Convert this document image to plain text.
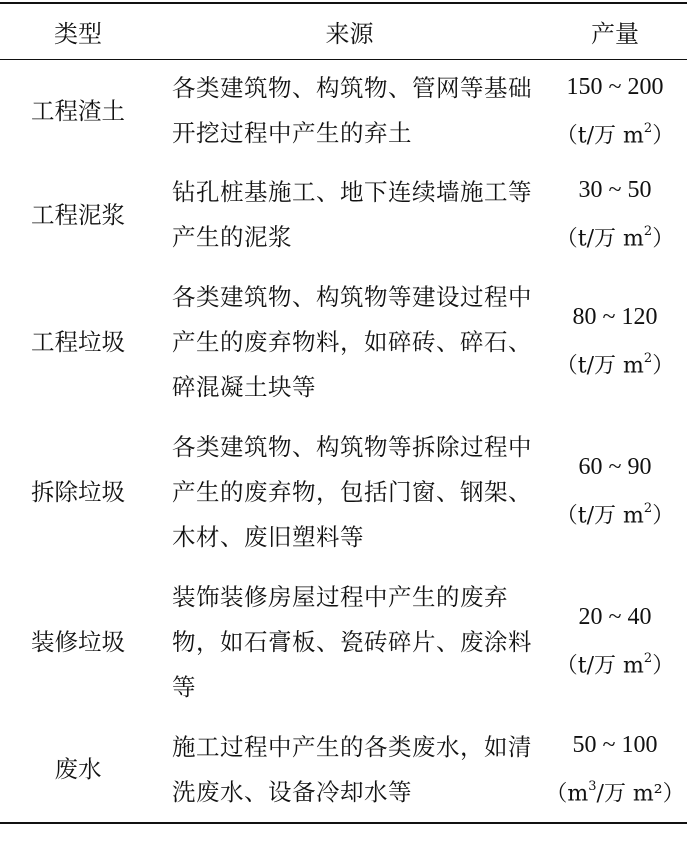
类型	来源	产量
工程渣土	各类建筑物、构筑物、管网等基础开挖过程中产生的弃土	150 ~ 200
（t/万 $m^2$）

工程泥浆	钻孔桩基施工、地下连续墙施工等产生的泥浆	30 ~ 50
（t/万 $m^2$）

工程垃圾	各类建筑物、构筑物等建设过程中产生的废弃物料，如碎砖、碎石、碎混凝土块等	80 ~ 120
（t/万 $m^2$）

拆除垃圾	各类建筑物、构筑物等拆除过程中产生的废弃物，包括门窗、钢架、木材、废旧塑料等	60 ~ 90
（t/万 $m^2$）

装修垃圾	装饰装修房屋过程中产生的废弃物，如石膏板、瓷砖碎片、废涂料等	20 ~ 40
（t/万 $m^2$）

废水	施工过程中产生的各类废水，如清洗废水、设备冷却水等	50 ~ 100
（$m^3/$万 m²）
